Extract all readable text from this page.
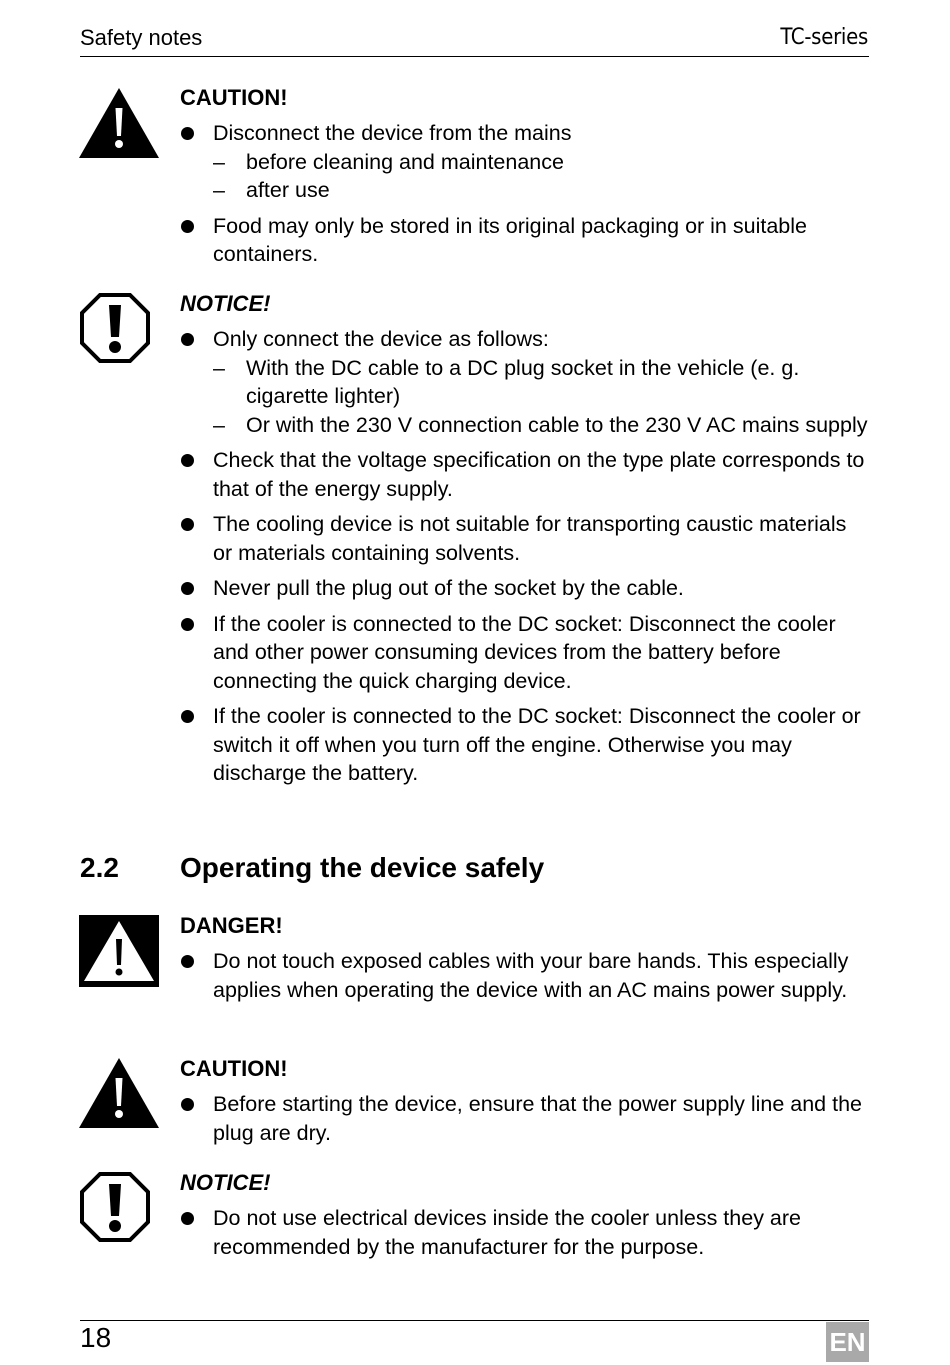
Safety notes	TC-series
CAUTION!
Disconnect the device from the mains
– before cleaning and maintenance
– after use
Food may only be stored in its original packaging or in suitable containers.
NOTICE!
Only connect the device as follows:
– With the DC cable to a DC plug socket in the vehicle (e. g. cigarette lighter)
– Or with the 230 V connection cable to the 230 V AC mains supply
Check that the voltage specification on the type plate corresponds to that of the energy supply.
The cooling device is not suitable for transporting caustic materials or materials containing solvents.
Never pull the plug out of the socket by the cable.
If the cooler is connected to the DC socket: Disconnect the cooler and other power consuming devices from the battery before connecting the quick charging device.
If the cooler is connected to the DC socket: Disconnect the cooler or switch it off when you turn off the engine. Otherwise you may discharge the battery.
2.2 Operating the device safely
DANGER!
Do not touch exposed cables with your bare hands. This especially applies when operating the device with an AC mains power supply.
CAUTION!
Before starting the device, ensure that the power supply line and the plug are dry.
NOTICE!
Do not use electrical devices inside the cooler unless they are recommended by the manufacturer for the purpose.
18	EN
